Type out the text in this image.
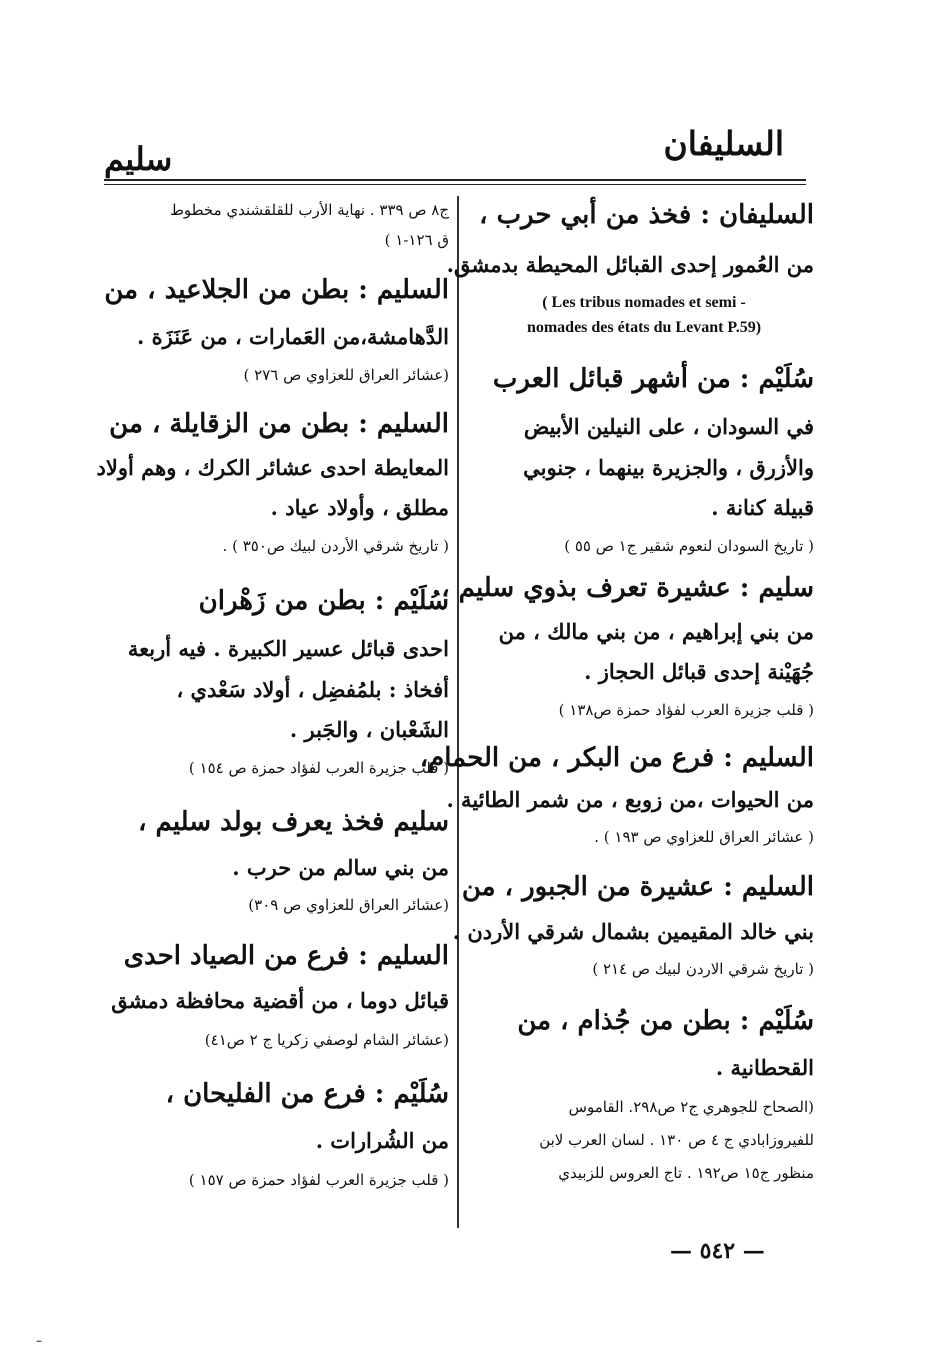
السليفان
سليم
السليفان : فخذ من أبي حرب ،
من العُمور إحدى القبائل المحيطة بدمشق.
( Les tribus nomades et semi -
nomades des états du Levant P.59)
سُلَيْم : من أشهر قبائل العرب
في السودان ، على النيلين الأبيض
والأزرق ، والجزيرة بينهما ، جنوبي
قبيلة كنانة .
( تاريخ السودان لنعوم شقير ج١ ص ٥٥ )
سليم : عشيرة تعرف بذوي سليم ،
من بني إبراهيم ، من بني مالك ، من
جُهَيْنة إحدى قبائل الحجاز .
( قلب جزيرة العرب لفؤاد حمزة ص١٣٨ )
السليم : فرع من البكر ، من الحمام،
من الحيوات ،من زوبع ، من شمر الطائية .
( عشائر العراق للعزاوي ص ١٩٣ ) .
السليم : عشيرة من الجبور ، من
بني خالد المقيمين بشمال شرقي الأردن .
( تاريخ شرقي الاردن لبيك ص ٢١٤ )
سُلَيْم : بطن من جُذام ، من
القحطانية .
(الصحاح للجوهري ج٢ ص٢٩٨. القاموس
للفيروزابادي ج ٤ ص ١٣٠ . لسان العرب لابن
منظور ج١٥ ص١٩٢ . تاج العروس للزبيدي
ج٨ ص ٣٣٩ . نهاية الأرب للقلقشندي مخطوط
ق ١٢٦-١ )
السليم : بطن من الجلاعيد ، من
الدَّهامشة،من العَمارات ، من عَنَزَة .
(عشائر العراق للعزاوي ص ٢٧٦ )
السليم : بطن من الزقايلة ، من
المعايطة احدى عشائر الكرك ، وهم أولاد
مطلق ، وأولاد عياد .
( تاريخ شرقي الأردن لبيك ص٣٥٠ ) .
سُلَيْم : بطن من زَهْران
احدى قبائل عسير الكبيرة . فيه أربعة
أفخاذ : بلمُفضِل ، أولاد سَعْدي ،
الشَعْبان ، والجَبر .
( قلب جزيرة العرب لفؤاد حمزة ص ١٥٤ )
سليم فخذ يعرف بولد سليم ،
من بني سالم من حرب .
(عشائر العراق للعزاوي ص ٣٠٩)
السليم : فرع من الصياد احدى
قبائل دوما ، من أقضية محافظة دمشق
(عشائر الشام لوصفي زكريا ج ٢ ص٤١)
سُلَيْم : فرع من الفليحان ،
من الشُرارات .
( قلب جزيرة العرب لفؤاد حمزة ص ١٥٧ )
— ٥٤٢ —
-
